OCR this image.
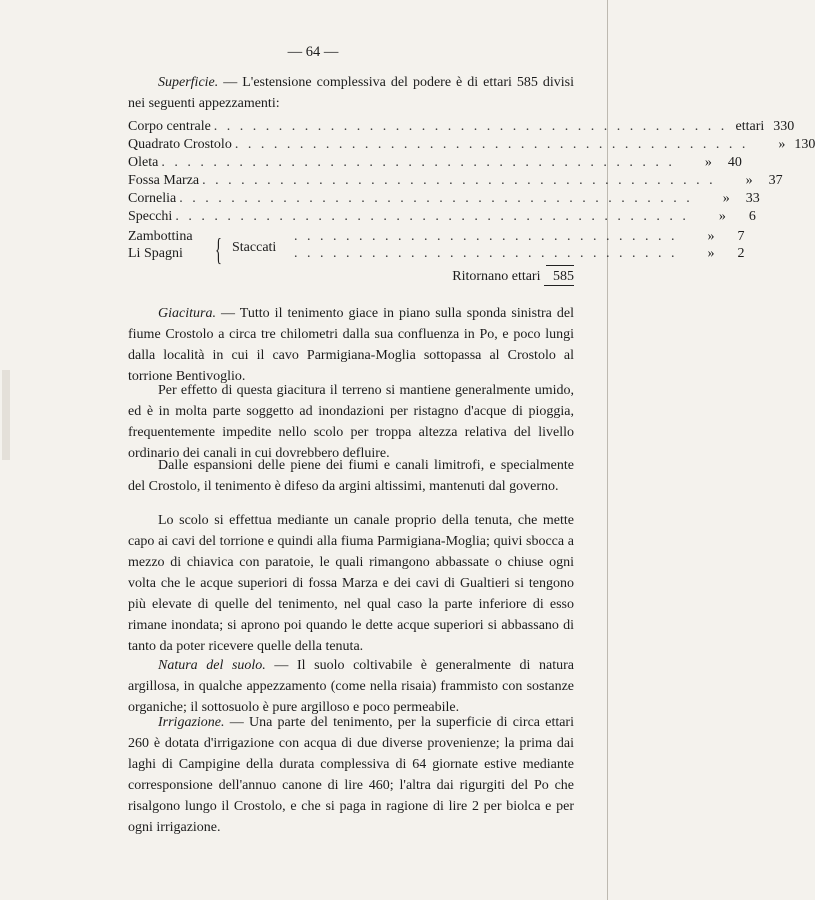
— 64 —

Superficie. — L'estensione complessiva del podere è di ettari 585 divisi nei seguenti appezzamenti:

Corpo centrale . . . . . . . . . . . . . . . . . . . . . . . . . . . . . . . . . . . . . . . . ettari 330
Quadrato Crostolo . . . . . . . . . . . . . . . . . . . . . . . . . . . . . . . . . . . . . . . .	» 130
Oleta . . . . . . . . . . . . . . . . . . . . . . . . . . . . . . . . . . . . . . . .	»	40
Fossa Marza . . . . . . . . . . . . . . . . . . . . . . . . . . . . . . . . . . . . . . . .	»	37
Cornelia . . . . . . . . . . . . . . . . . . . . . . . . . . . . . . . . . . . . . . . .	»	33
Specchi . . . . . . . . . . . . . . . . . . . . . . . . . . . . . . . . . . . . . . . .	»	6
Zambottina	. . . . . . . . . . . . . . . . . . . . . . . . . . . . . .	»	7
Li Spagni	. . . . . . . . . . . . . . . . . . . . . . . . . . . . . .	»	2
{ Staccati
Ritornano ettari 585

Giacitura. — Tutto il tenimento giace in piano sulla sponda sinistra del fiume Crostolo a circa tre chilometri dalla sua confluenza in Po, e poco lungi dalla località in cui il cavo Parmigiana-Moglia sottopassa al Crostolo al torrione Bentivoglio.

Per effetto di questa giacitura il terreno si mantiene generalmente umido, ed è in molta parte soggetto ad inondazioni per ristagno d'acque di pioggia, frequentemente impedite nello scolo per troppa altezza relativa del livello ordinario dei canali in cui dovrebbero defluire.

Dalle espansioni delle piene dei fiumi e canali limitrofi, e specialmente del Crostolo, il tenimento è difeso da argini altissimi, mantenuti dal governo.

Lo scolo si effettua mediante un canale proprio della tenuta, che mette capo ai cavi del torrione e quindi alla fiuma Parmigiana-Moglia; quivi sbocca a mezzo di chiavica con paratoie, le quali rimangono abbassate o chiuse ogni volta che le acque superiori di fossa Marza e dei cavi di Gualtieri si tengono più elevate di quelle del tenimento, nel qual caso la parte inferiore di esso rimane inondata; si aprono poi quando le dette acque superiori si abbassano di tanto da poter ricevere quelle della tenuta.

Natura del suolo. — Il suolo coltivabile è generalmente di natura argillosa, in qualche appezzamento (come nella risaia) frammisto con sostanze organiche; il sottosuolo è pure argilloso e poco permeabile.

Irrigazione. — Una parte del tenimento, per la superficie di circa ettari 260 è dotata d'irrigazione con acqua di due diverse provenienze; la prima dai laghi di Campigine della durata complessiva di 64 giornate estive mediante corresponsione dell'annuo canone di lire 460; l'altra dai rigurgiti del Po che risalgono lungo il Crostolo, e che si paga in ragione di lire 2 per biolca e per ogni irrigazione.
